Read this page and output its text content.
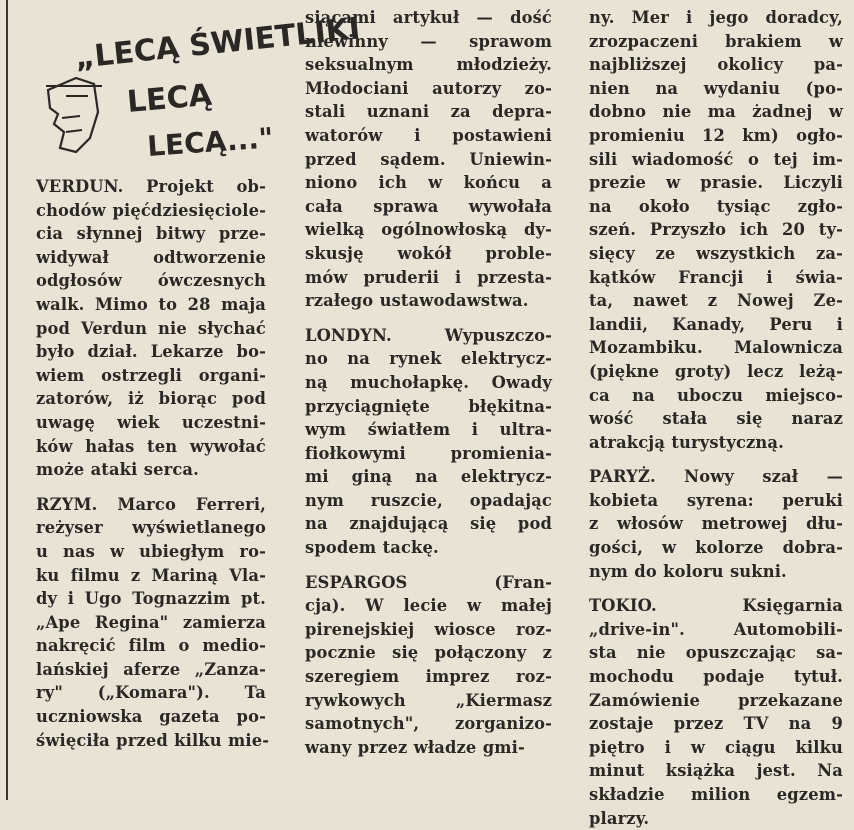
„LECĄ ŚWIETLIKI
LECĄ
LECĄ..."
VERDUN. Projekt ob-
chodów pięćdziesięciole-
cia słynnej bitwy prze-
widywał odtworzenie
odgłosów ówczesnych
walk. Mimo to 28 maja
pod Verdun nie słychać
było dział. Lekarze bo-
wiem ostrzegli organi-
zatorów, iż biorąc pod
uwagę wiek uczestni-
ków hałas ten wywołać
może ataki serca.
RZYM. Marco Ferreri,
reżyser wyświetlanego
u nas w ubiegłym ro-
ku filmu z Mariną Vla-
dy i Ugo Tognazzim pt.
„Ape Regina" zamierza
nakręcić film o medio-
lańskiej aferze „Zanza-
ry" („Komara"). Ta
uczniowska gazeta po-
święciła przed kilku mie-
siącami artykuł — dość
niewinny — sprawom
seksualnym młodzieży.
Młodociani autorzy zo-
stali uznani za depra-
watorów i postawieni
przed sądem. Uniewin-
niono ich w końcu a
cała sprawa wywołała
wielką ogólnowłoską dy-
skusję wokół proble-
mów pruderii i przesta-
rzałego ustawodawstwa.
LONDYN. Wypuszczo-
no na rynek elektrycz-
ną muchołapkę. Owady
przyciągnięte błękitna-
wym światłem i ultra-
fiołkowymi promienia-
mi giną na elektrycz-
nym ruszcie, opadając
na znajdującą się pod
spodem tackę.
ESPARGOS (Fran-
cja). W lecie w małej
pirenejskiej wiosce roz-
pocznie się połączony z
szeregiem imprez roz-
rywkowych „Kiermasz
samotnych", zorganizo-
wany przez władze gmi-
ny. Mer i jego doradcy,
zrozpaczeni brakiem w
najbliższej okolicy pa-
nien na wydaniu (po-
dobno nie ma żadnej w
promieniu 12 km) ogło-
sili wiadomość o tej im-
prezie w prasie. Liczyli
na około tysiąc zgło-
szeń. Przyszło ich 20 ty-
sięcy ze wszystkich za-
kątków Francji i świa-
ta, nawet z Nowej Ze-
landii, Kanady, Peru i
Mozambiku. Malownicza
(piękne groty) lecz leżą-
ca na uboczu miejsco-
wość stała się naraz
atrakcją turystyczną.
PARYŻ. Nowy szał —
kobieta syrena: peruki
z włosów metrowej dłu-
gości, w kolorze dobra-
nym do koloru sukni.
TOKIO. Księgarnia
„drive-in". Automobili-
sta nie opuszczając sa-
mochodu podaje tytuł.
Zamówienie przekazane
zostaje przez TV na 9
piętro i w ciągu kilku
minut książka jest. Na
składzie milion egzem-
plarzy.
